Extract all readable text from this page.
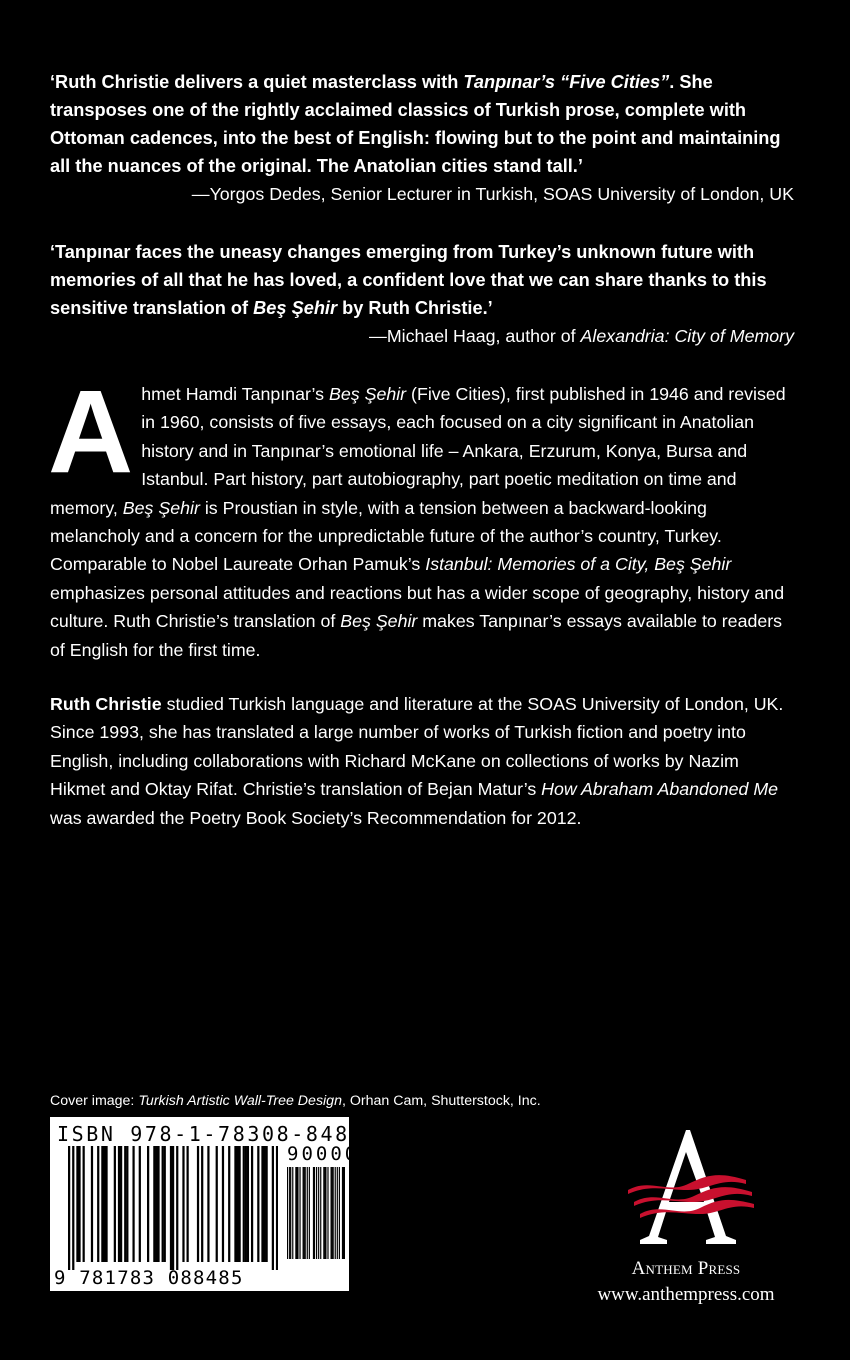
‘Ruth Christie delivers a quiet masterclass with Tanpınar’s “Five Cities”. She transposes one of the rightly acclaimed classics of Turkish prose, complete with Ottoman cadences, into the best of English: flowing but to the point and maintaining all the nuances of the original. The Anatolian cities stand tall.’
—Yorgos Dedes, Senior Lecturer in Turkish, SOAS University of London, UK
‘Tanpınar faces the uneasy changes emerging from Turkey’s unknown future with memories of all that he has loved, a confident love that we can share thanks to this sensitive translation of Beş Şehir by Ruth Christie.’
—Michael Haag, author of Alexandria: City of Memory
Ahmet Hamdi Tanpınar’s Beş Şehir (Five Cities), first published in 1946 and revised in 1960, consists of five essays, each focused on a city significant in Anatolian history and in Tanpınar’s emotional life – Ankara, Erzurum, Konya, Bursa and Istanbul. Part history, part autobiography, part poetic meditation on time and memory, Beş Şehir is Proustian in style, with a tension between a backward-looking melancholy and a concern for the unpredictable future of the author’s country, Turkey. Comparable to Nobel Laureate Orhan Pamuk’s Istanbul: Memories of a City, Beş Şehir emphasizes personal attitudes and reactions but has a wider scope of geography, history and culture. Ruth Christie’s translation of Beş Şehir makes Tanpınar’s essays available to readers of English for the first time.
Ruth Christie studied Turkish language and literature at the SOAS University of London, UK. Since 1993, she has translated a large number of works of Turkish fiction and poetry into English, including collaborations with Richard McKane on collections of works by Nazim Hikmet and Oktay Rifat. Christie’s translation of Bejan Matur’s How Abraham Abandoned Me was awarded the Poetry Book Society’s Recommendation for 2012.
Cover image: Turkish Artistic Wall-Tree Design, Orhan Cam, Shutterstock, Inc.
ISBN 978-1-78308-848-5
90000
9 781783 088485	Anthem Press
www.anthempress.com
